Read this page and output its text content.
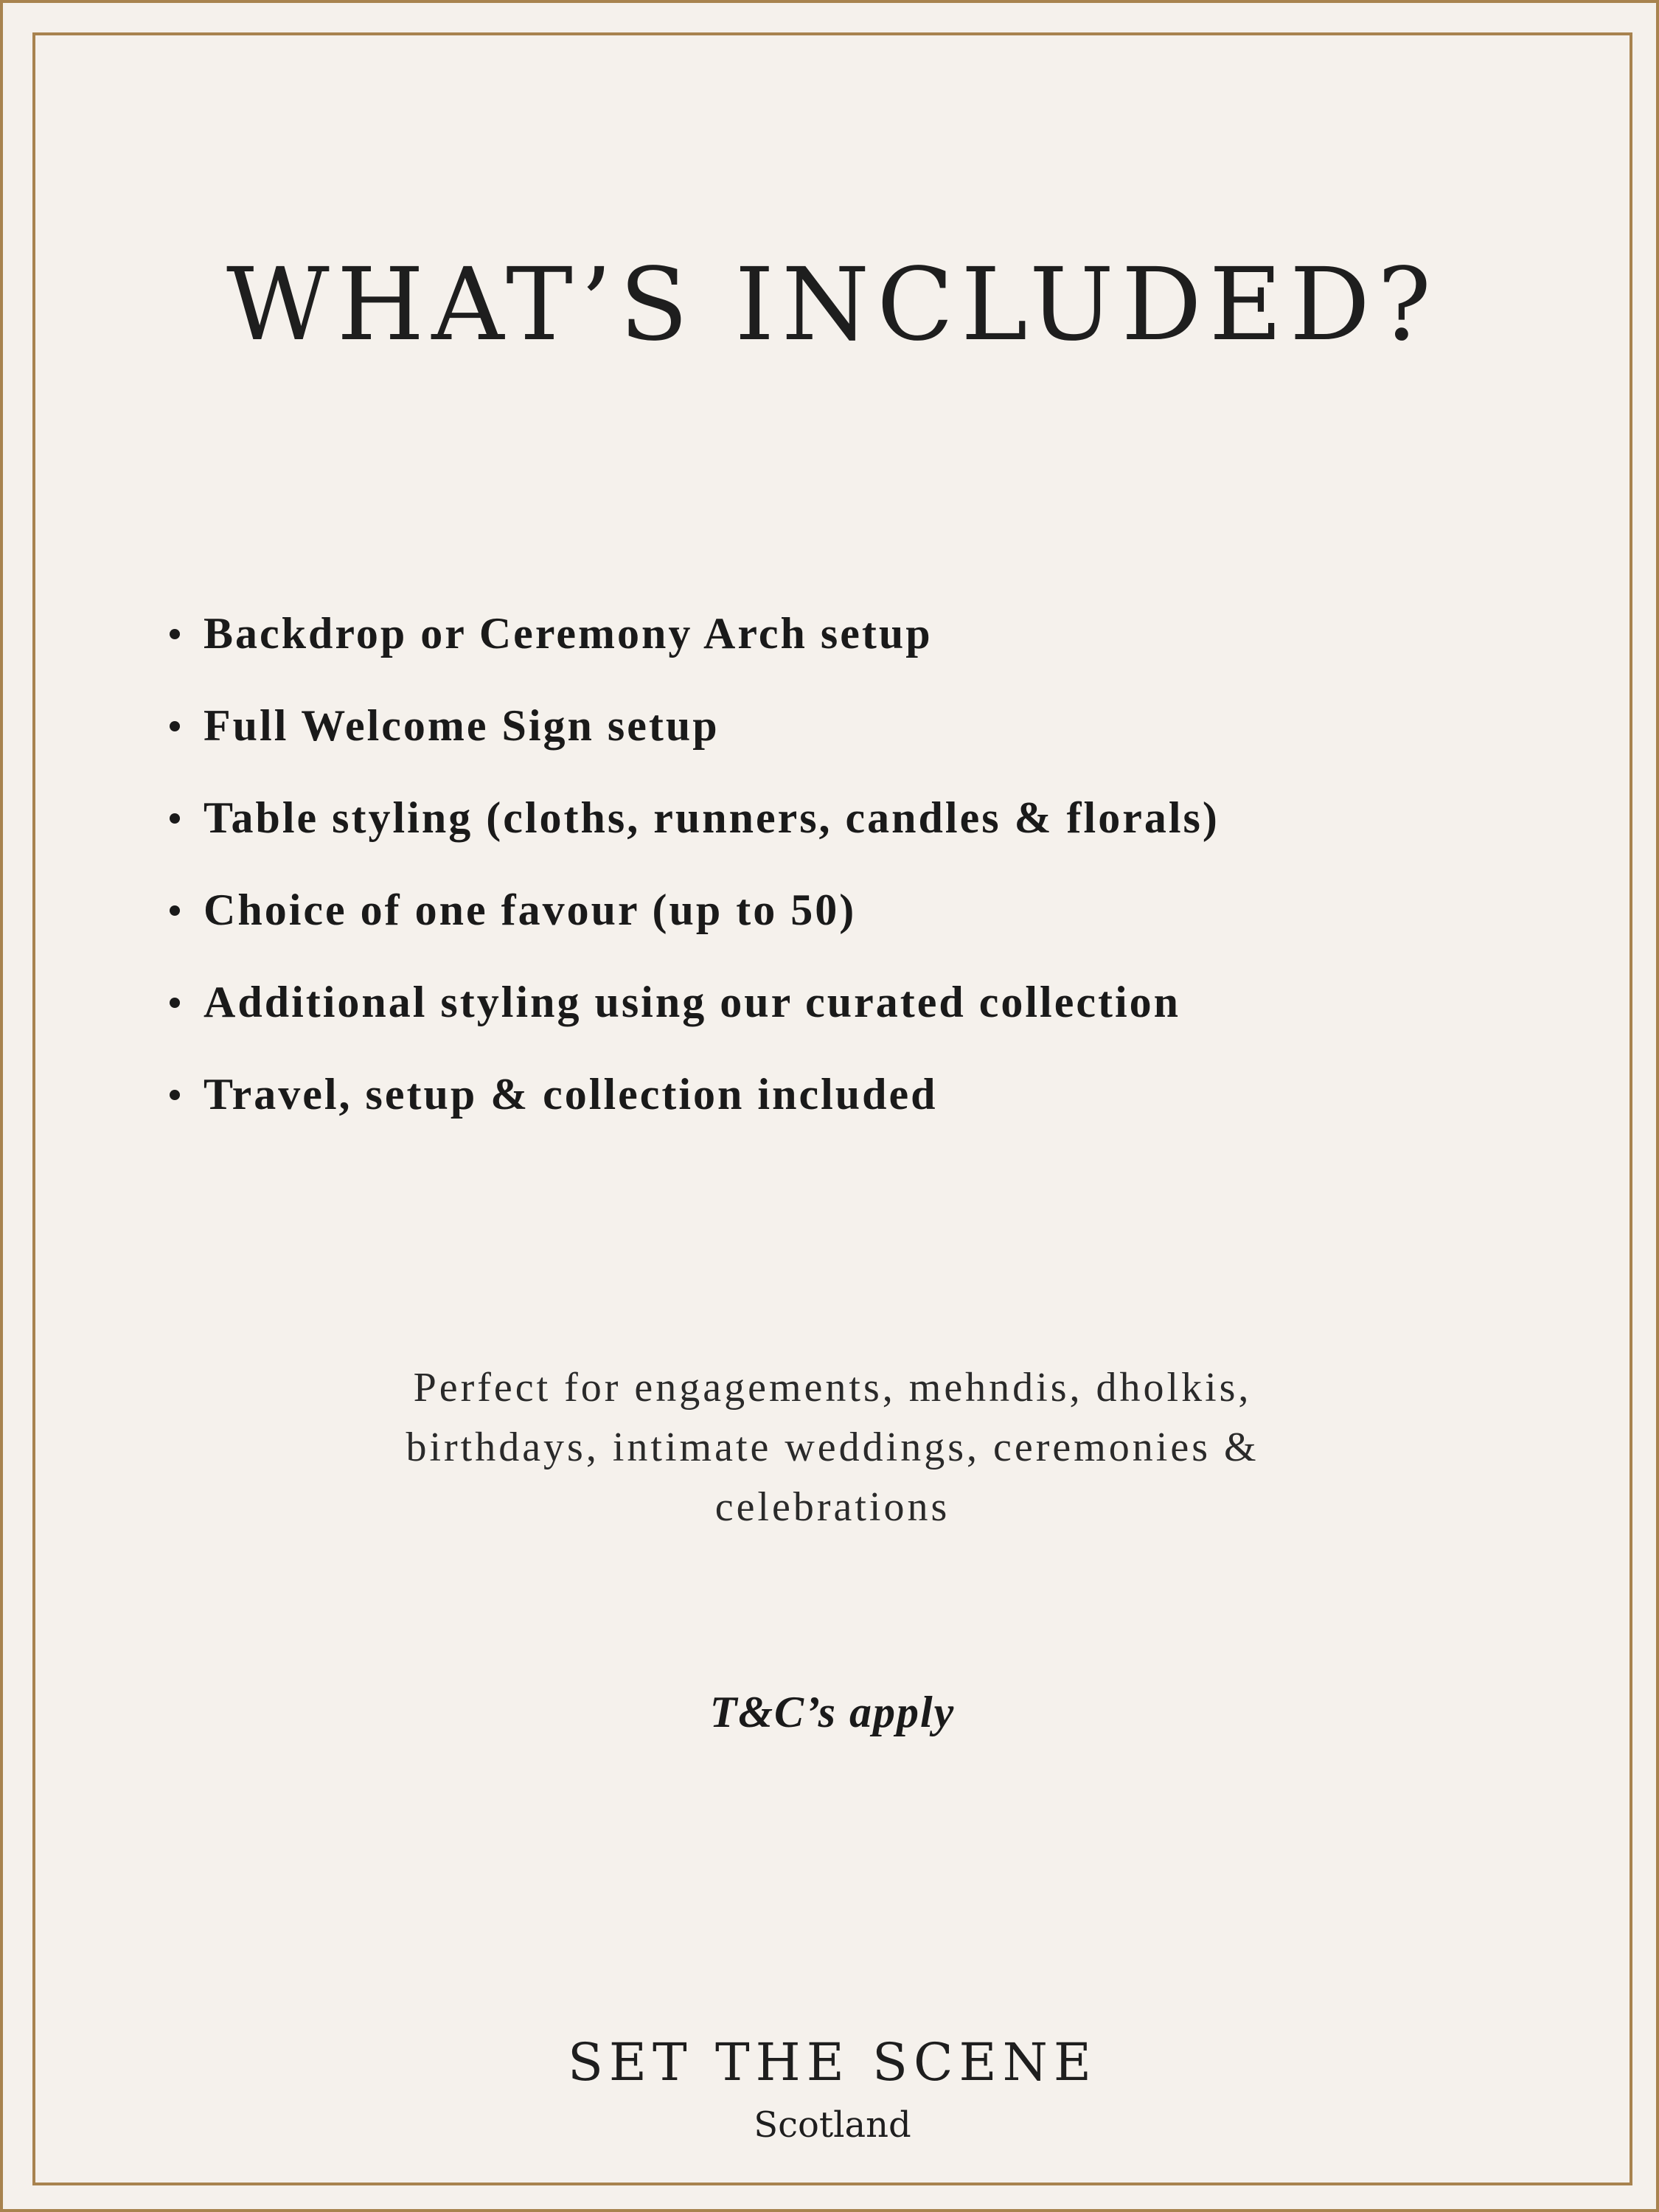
WHAT’S INCLUDED?
Backdrop or Ceremony Arch setup
Full Welcome Sign setup
Table styling (cloths, runners, candles & florals)
Choice of one favour (up to 50)
Additional styling using our curated collection
Travel, setup & collection included

Perfect for engagements, mehndis, dholkis, birthdays, intimate weddings, ceremonies & celebrations

T&C’s apply

SET THE SCENE

Scotland
